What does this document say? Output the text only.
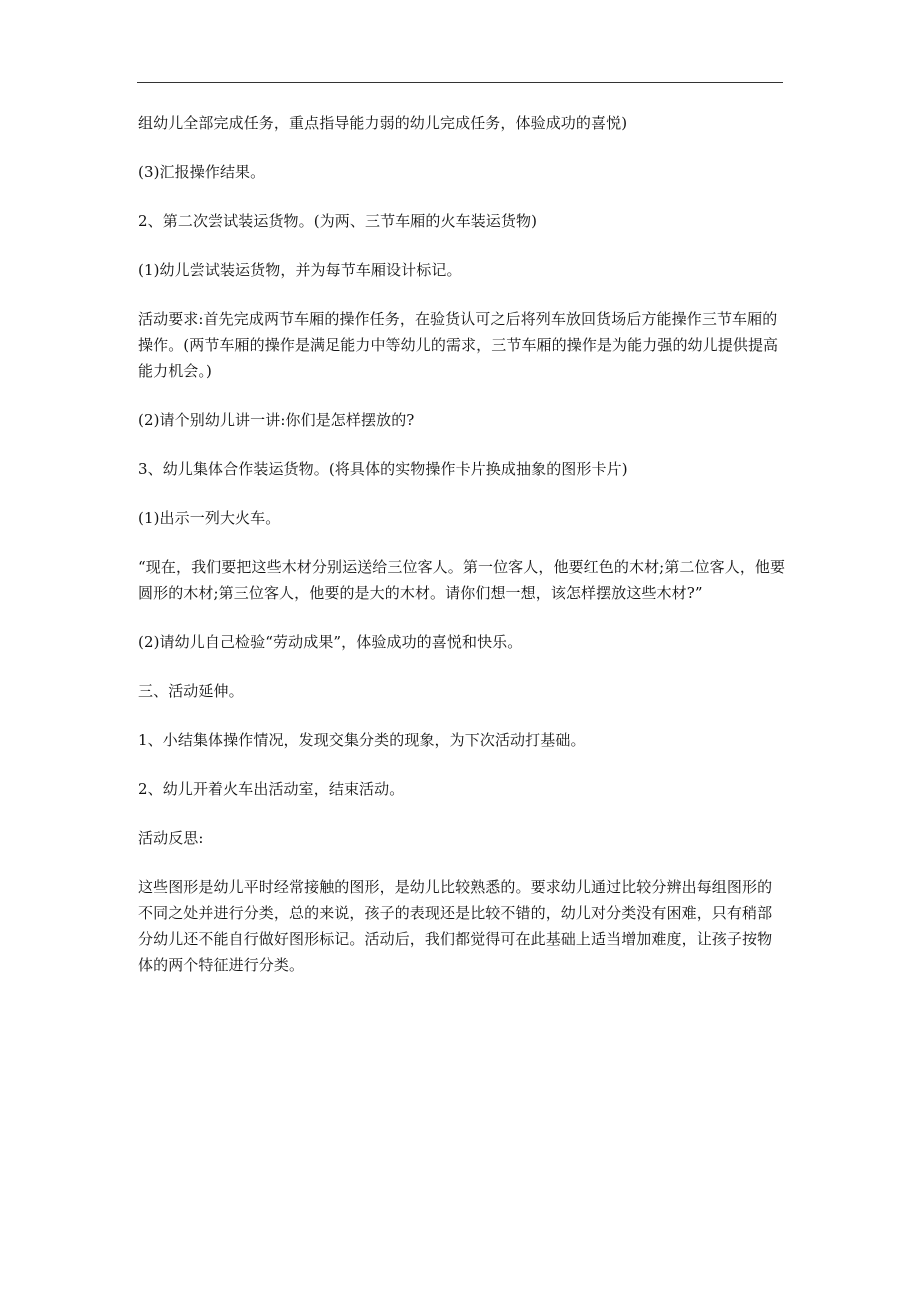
组幼儿全部完成任务，重点指导能力弱的幼儿完成任务，体验成功的喜悦)

(3)汇报操作结果。

2、第二次尝试装运货物。(为两、三节车厢的火车装运货物)

(1)幼儿尝试装运货物，并为每节车厢设计标记。

活动要求:首先完成两节车厢的操作任务，在验货认可之后将列车放回货场后方能操作三节车厢的操作。(两节车厢的操作是满足能力中等幼儿的需求，三节车厢的操作是为能力强的幼儿提供提高能力机会。)

(2)请个别幼儿讲一讲:你们是怎样摆放的?

3、幼儿集体合作装运货物。(将具体的实物操作卡片换成抽象的图形卡片)

(1)出示一列大火车。

“现在，我们要把这些木材分别运送给三位客人。第一位客人，他要红色的木材;第二位客人，他要圆形的木材;第三位客人，他要的是大的木材。请你们想一想，该怎样摆放这些木材?”

(2)请幼儿自己检验“劳动成果”，体验成功的喜悦和快乐。

三、活动延伸。

1、小结集体操作情况，发现交集分类的现象，为下次活动打基础。

2、幼儿开着火车出活动室，结束活动。

活动反思:

这些图形是幼儿平时经常接触的图形，是幼儿比较熟悉的。要求幼儿通过比较分辨出每组图形的不同之处并进行分类，总的来说，孩子的表现还是比较不错的，幼儿对分类没有困难，只有稍部分幼儿还不能自行做好图形标记。活动后，我们都觉得可在此基础上适当增加难度，让孩子按物体的两个特征进行分类。
